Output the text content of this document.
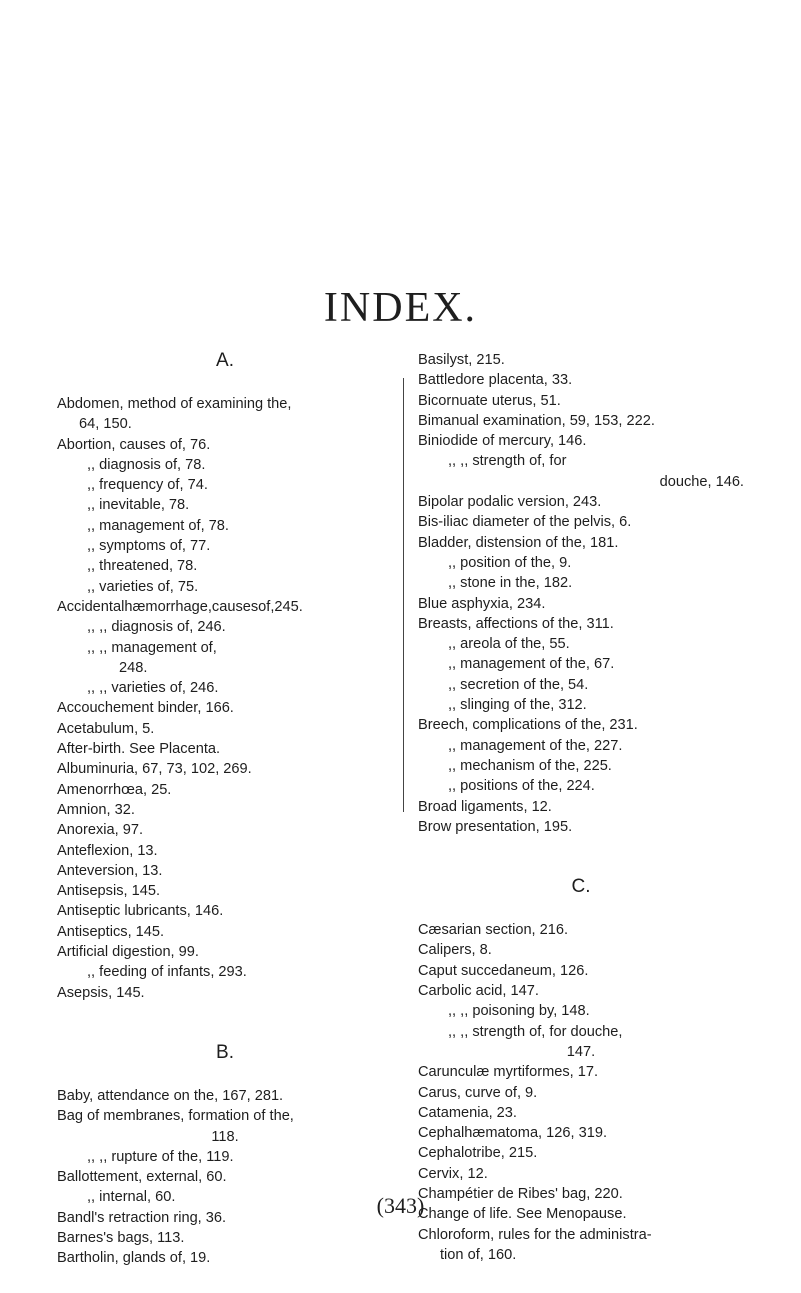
INDEX.
A.
Abdomen, method of examining the,
64, 150.
Abortion, causes of, 76.
,, diagnosis of, 78.
,, frequency of, 74.
,, inevitable, 78.
,, management of, 78.
,, symptoms of, 77.
,, threatened, 78.
,, varieties of, 75.
Accidentalhæmorrhage,causesof,245.
,, ,, diagnosis of, 246.
,, ,, management of,
248.
,, ,, varieties of, 246.
Accouchement binder, 166.
Acetabulum, 5.
After-birth. See Placenta.
Albuminuria, 67, 73, 102, 269.
Amenorrhœa, 25.
Amnion, 32.
Anorexia, 97.
Anteflexion, 13.
Anteversion, 13.
Antisepsis, 145.
Antiseptic lubricants, 146.
Antiseptics, 145.
Artificial digestion, 99.
,, feeding of infants, 293.
Asepsis, 145.
B.
Baby, attendance on the, 167, 281.
Bag of membranes, formation of the,
118.
,, ,, rupture of the, 119.
Ballottement, external, 60.
,, internal, 60.
Bandl's retraction ring, 36.
Barnes's bags, 113.
Bartholin, glands of, 19.
Basilyst, 215.
Battledore placenta, 33.
Bicornuate uterus, 51.
Bimanual examination, 59, 153, 222.
Biniodide of mercury, 146.
,, ,, strength of, for
douche, 146.
Bipolar podalic version, 243.
Bis-iliac diameter of the pelvis, 6.
Bladder, distension of the, 181.
,, position of the, 9.
,, stone in the, 182.
Blue asphyxia, 234.
Breasts, affections of the, 311.
,, areola of the, 55.
,, management of the, 67.
,, secretion of the, 54.
,, slinging of the, 312.
Breech, complications of the, 231.
,, management of the, 227.
,, mechanism of the, 225.
,, positions of the, 224.
Broad ligaments, 12.
Brow presentation, 195.
C.
Cæsarian section, 216.
Calipers, 8.
Caput succedaneum, 126.
Carbolic acid, 147.
,, ,, poisoning by, 148.
,, ,, strength of, for douche,
147.
Carunculæ myrtiformes, 17.
Carus, curve of, 9.
Catamenia, 23.
Cephalhæmatoma, 126, 319.
Cephalotribe, 215.
Cervix, 12.
Champétier de Ribes' bag, 220.
Change of life. See Menopause.
Chloroform, rules for the administra-
tion of, 160.
(343)
